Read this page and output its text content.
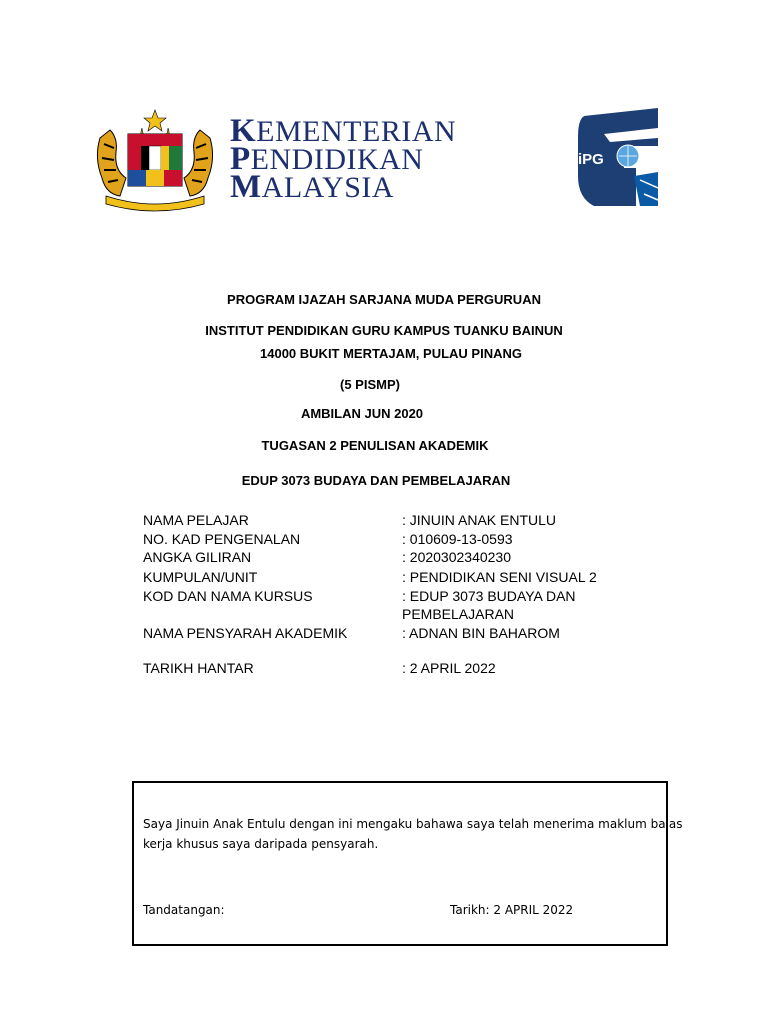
KEMENTERIAN
PENDIDIKAN
MALAYSIA
iPG
PROGRAM IJAZAH SARJANA MUDA PERGURUAN
INSTITUT PENDIDIKAN GURU KAMPUS TUANKU BAINUN
14000 BUKIT MERTAJAM, PULAU PINANG
(5 PISMP)
AMBILAN JUN 2020
TUGASAN 2 PENULISAN AKADEMIK
EDUP 3073 BUDAYA DAN PEMBELAJARAN
NAMA PELAJAR	: JINUIN ANAK ENTULU
NO. KAD PENGENALAN	: 010609-13-0593
ANGKA GILIRAN	: 2020302340230
KUMPULAN/UNIT	: PENDIDIKAN SENI VISUAL 2
KOD DAN NAMA KURSUS	: EDUP 3073 BUDAYA DAN
PEMBELAJARAN
NAMA PENSYARAH AKADEMIK	: ADNAN BIN BAHAROM
TARIKH HANTAR	: 2 APRIL 2022
Saya Jinuin Anak Entulu dengan ini mengaku bahawa saya telah menerima maklum balas
kerja khusus saya daripada pensyarah.
Tandatangan:	Tarikh: 2 APRIL 2022
